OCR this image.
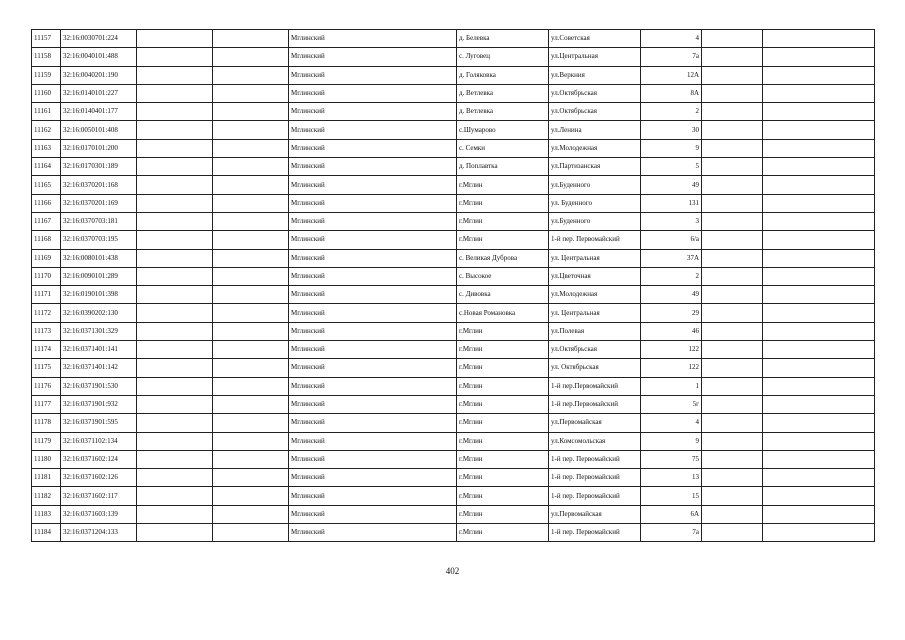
11157	32:16:0030701:224			Мглинский	д. Белевка	ул.Советская	4		
11158	32:16:0040101:488			Мглинский	с. Луговец	ул.Центральная	7а		
11159	32:16:0040201:190			Мглинский	д. Голяковка	ул.Веркния	12А		
11160	32:16:0140101:227			Мглинский	д. Ветлевка	ул.Октябрьская	8А		
11161	32:16:0140401:177			Мглинский	д. Ветлевка	ул.Октябрьская	2		
11162	32:16:0050101:408			Мглинский	с.Шумарово	ул.Ленина	30		
11163	32:16:0170101:200			Мглинский	с. Семки	ул.Молодежная	9		
11164	32:16:0170301:189			Мглинский	д. Поплавтка	ул.Партизанская	5		
11165	32:16:0370201:168			Мглинский	г.Мглин	ул.Буденного	49		
11166	32:16:0370201:169			Мглинский	г.Мглин	ул. Буденного	131		
11167	32:16:0370703:181			Мглинский	г.Мглин	ул.Буденного	3		
11168	32:16:0370703:195			Мглинский	г.Мглин	1-й пер. Первомайский	6/а		
11169	32:16:0080101:438			Мглинский	с. Великая Дуброва	ул. Центральная	37А		
11170	32:16:0090101:289			Мглинский	с. Высокое	ул.Цветочная	2		
11171	32:16:0190101:398			Мглинский	с. Дивовка	ул.Молодежная	49		
11172	32:16:0390202:130			Мглинский	с.Новая Романовка	ул. Центральная	29		
11173	32:16:0371301:329			Мглинский	г.Мглин	ул.Полевая	46		
11174	32:16:0371401:141			Мглинский	г.Мглин	ул.Октябрьская	122		
11175	32:16:0371401:142			Мглинский	г.Мглин	ул. Октябрьская	122		
11176	32:16:0371901:530			Мглинский	г.Мглин	1-й пер.Первомайский	1		
11177	32:16:0371901:932			Мглинский	г.Мглин	1-й пер.Первомайский	5г		
11178	32:16:0371901:595			Мглинский	г.Мглин	ул.Первомайская	4		
11179	32:16:0371102:134			Мглинский	г.Мглин	ул.Комсомольская	9		
11180	32:16:0371602:124			Мглинский	г.Мглин	1-й пер. Первомайский	75		
11181	32:16:0371602:126			Мглинский	г.Мглин	1-й пер. Первомайский	13		
11182	32:16:0371602:117			Мглинский	г.Мглин	1-й пер. Первомайский	15		
11183	32:16:0371603:139			Мглинский	г.Мглин	ул.Первомайская	6А		
11184	32:16:0371204:133			Мглинский	г.Мглин	1-й пер. Первомайский	7а		
402
